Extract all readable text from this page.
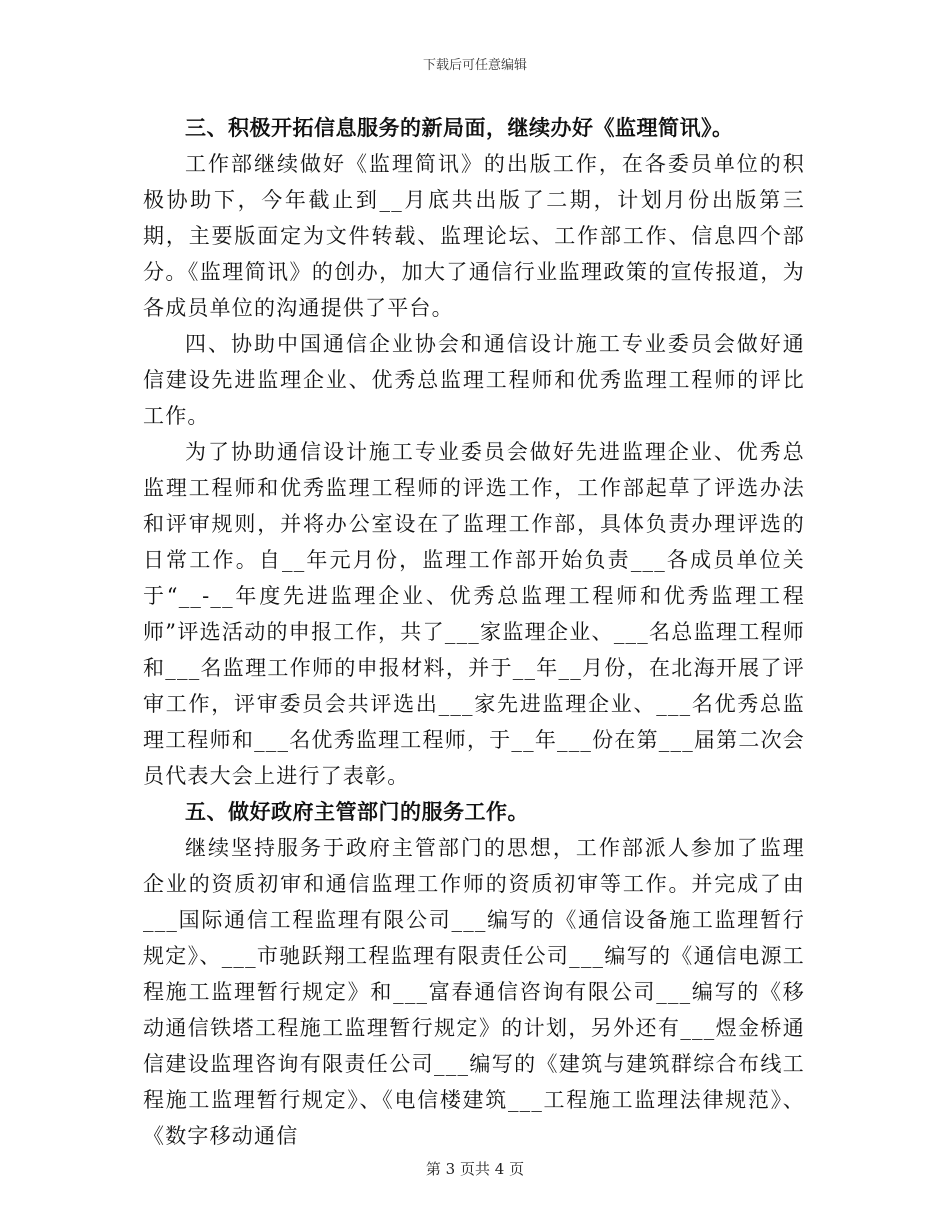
下载后可任意编辑

三、积极开拓信息服务的新局面，继续办好《监理简讯》。

工作部继续做好《监理简讯》的出版工作，在各委员单位的积极协助下，今年截止到__月底共出版了二期，计划月份出版第三期，主要版面定为文件转载、监理论坛、工作部工作、信息四个部分。《监理简讯》的创办，加大了通信行业监理政策的宣传报道，为各成员单位的沟通提供了平台。

四、协助中国通信企业协会和通信设计施工专业委员会做好通信建设先进监理企业、优秀总监理工程师和优秀监理工程师的评比工作。

为了协助通信设计施工专业委员会做好先进监理企业、优秀总监理工程师和优秀监理工程师的评选工作，工作部起草了评选办法和评审规则，并将办公室设在了监理工作部，具体负责办理评选的日常工作。自__年元月份，监理工作部开始负责___各成员单位关于“__-__年度先进监理企业、优秀总监理工程师和优秀监理工程师”评选活动的申报工作，共了___家监理企业、___名总监理工程师和___名监理工作师的申报材料，并于__年__月份，在北海开展了评审工作，评审委员会共评选出___家先进监理企业、___名优秀总监理工程师和___名优秀监理工程师，于__年___份在第___届第二次会员代表大会上进行了表彰。

五、做好政府主管部门的服务工作。

继续坚持服务于政府主管部门的思想，工作部派人参加了监理企业的资质初审和通信监理工作师的资质初审等工作。并完成了由___国际通信工程监理有限公司___编写的《通信设备施工监理暂行规定》、___市驰跃翔工程监理有限责任公司___编写的《通信电源工程施工监理暂行规定》和___富春通信咨询有限公司___编写的《移动通信铁塔工程施工监理暂行规定》的计划，另外还有___煜金桥通信建设监理咨询有限责任公司___编写的《建筑与建筑群综合布线工程施工监理暂行规定》、《电信楼建筑___工程施工监理法律规范》、《数字移动通信

第 3 页共 4 页
